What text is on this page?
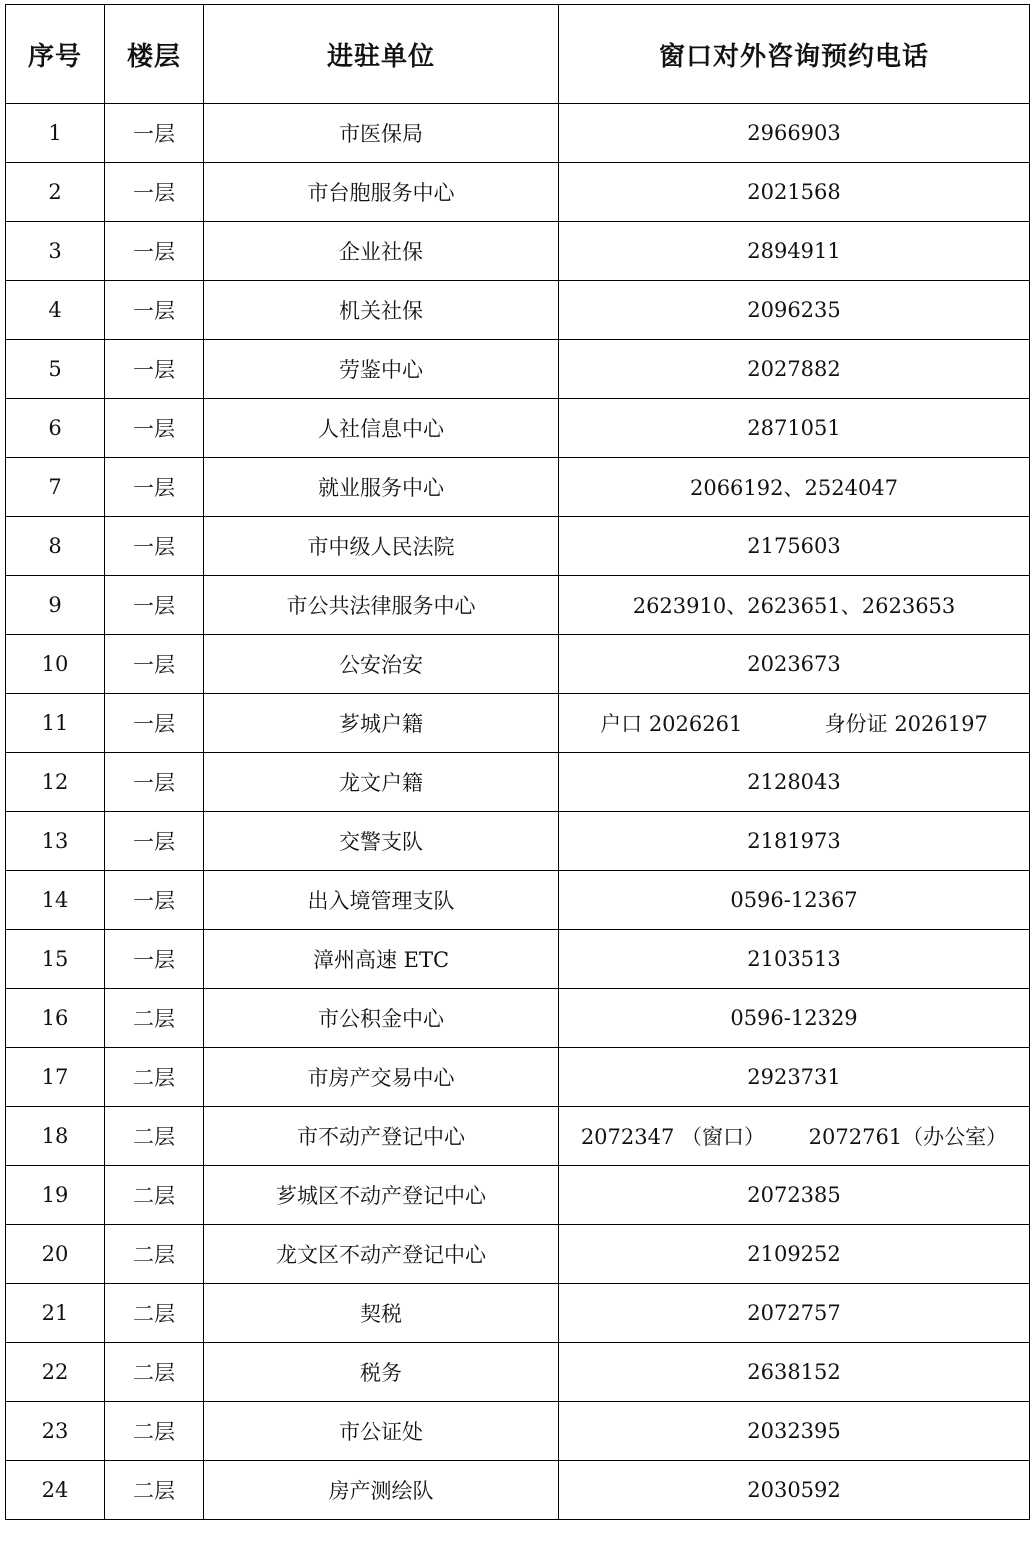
序号	楼层	进驻单位	窗口对外咨询预约电话
1	一层	市医保局	2966903
2	一层	市台胞服务中心	2021568
3	一层	企业社保	2894911
4	一层	机关社保	2096235
5	一层	劳鉴中心	2027882
6	一层	人社信息中心	2871051
7	一层	就业服务中心	2066192、2524047
8	一层	市中级人民法院	2175603
9	一层	市公共法律服务中心	2623910、2623651、2623653
10	一层	公安治安	2023673
11	一层	芗城户籍	户口 2026261 身份证 2026197

12	一层	龙文户籍	2128043
13	一层	交警支队	2181973
14	一层	出入境管理支队	0596-12367
15	一层	漳州高速 ETC	2103513
16	二层	市公积金中心	0596-12329
17	二层	市房产交易中心	2923731
18	二层	市不动产登记中心	2072347 （窗口） 2072761（办公室）

19	二层	芗城区不动产登记中心	2072385
20	二层	龙文区不动产登记中心	2109252
21	二层	契税	2072757
22	二层	税务	2638152
23	二层	市公证处	2032395
24	二层	房产测绘队	2030592
